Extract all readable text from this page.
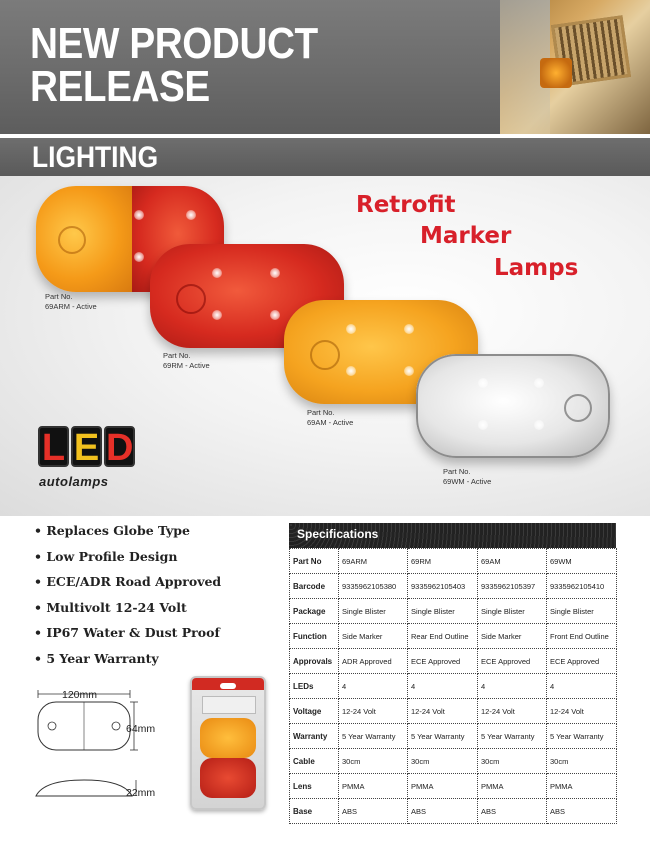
NEW PRODUCT
RELEASE
LIGHTING
Retrofit
Marker
Lamps
Part No.
69ARM - Active
Part No.
69RM - Active
Part No.
69AM - Active
Part No.
69WM - Active
L E D
autolamps
• Replaces Globe Type
• Low Profile Design
• ECE/ADR Road Approved
• Multivolt 12-24 Volt
• IP67 Water & Dust Proof
• 5 Year Warranty
120mm
64mm
22mm
Specifications
Part No	69ARM	69RM	69AM	69WM
Barcode	9335962105380	9335962105403	9335962105397	9335962105410
Package	Single Blister	Single Blister	Single Blister	Single Blister
Function	Side Marker	Rear End Outline	Side Marker	Front End Outline
Approvals	ADR Approved	ECE Approved	ECE Approved	ECE Approved
LEDs	4	4	4	4
Voltage	12-24 Volt	12-24 Volt	12-24 Volt	12-24 Volt
Warranty	5 Year Warranty	5 Year Warranty	5 Year Warranty	5 Year Warranty
Cable	30cm	30cm	30cm	30cm
Lens	PMMA	PMMA	PMMA	PMMA
Base	ABS	ABS	ABS	ABS
